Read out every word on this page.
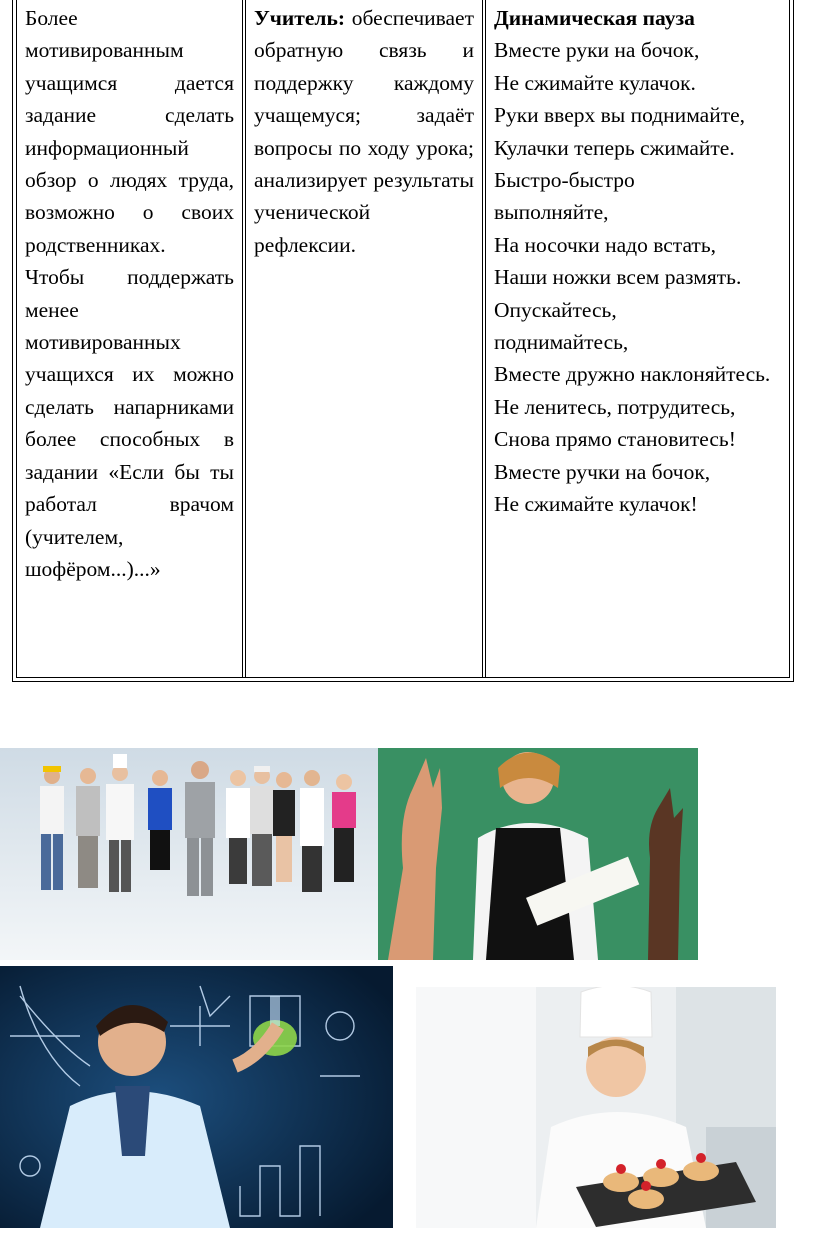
Более мотивированным учащимся дается задание сделать информационный обзор о людях труда, возможно о своих родственниках.

Чтобы поддержать менее мотивированных учащихся их можно сделать напарниками более способных в задании «Если бы ты работал врачом (учителем, шофёром...)...»

Учитель: обеспечивает обратную связь и поддержку каждому учащемуся; задаёт вопросы по ходу урока; анализирует результаты ученической рефлексии.

Динамическая пауза

Вместе руки на бочок,

Не сжимайте кулачок.

Руки вверх вы поднимайте,

Кулачки теперь сжимайте.

Быстро-быстро выполняйте,

На носочки надо встать,

Наши ножки всем размять.

Опускайтесь, поднимайтесь,

Вместе дружно наклоняйтесь.

Не ленитесь, потрудитесь,

Снова прямо становитесь!

Вместе ручки на бочок,

Не сжимайте кулачок!
